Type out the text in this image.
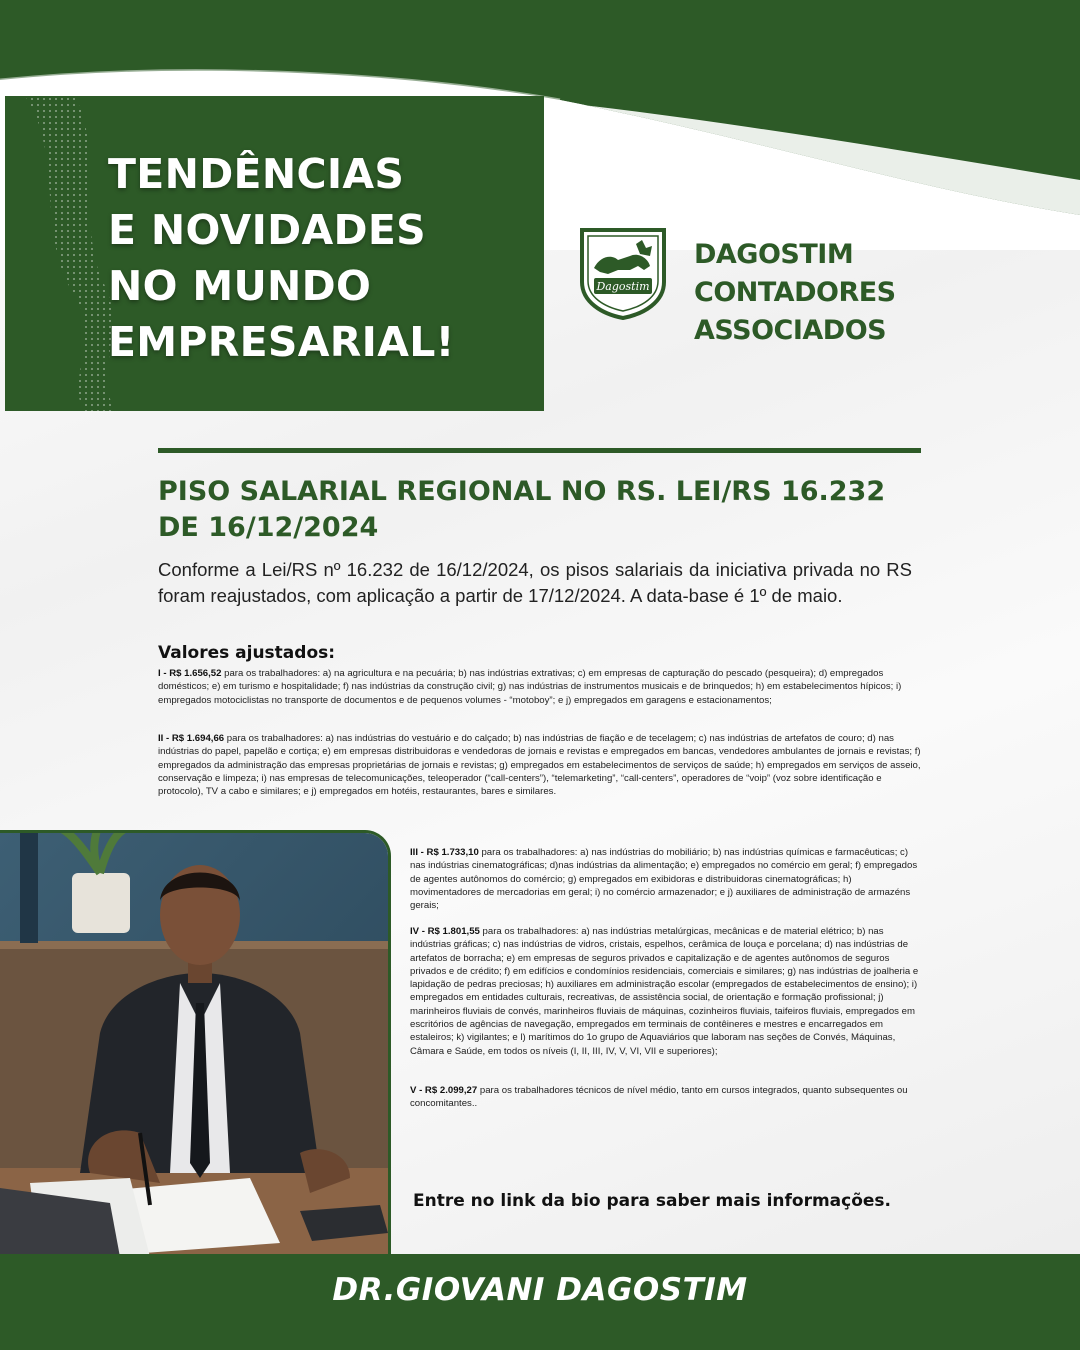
TENDÊNCIAS
E NOVIDADES
NO MUNDO
EMPRESARIAL!
Dagostim
DAGOSTIM CONTADORES
ASSOCIADOS
PISO SALARIAL REGIONAL NO RS. LEI/RS 16.232 DE 16/12/2024

Conforme a Lei/RS nº 16.232 de 16/12/2024, os pisos salariais da iniciativa privada no RS foram reajustados, com aplicação a partir de 17/12/2024. A data-base é 1º de maio.

Valores ajustados:

I - R$ 1.656,52 para os trabalhadores: a) na agricultura e na pecuária; b) nas indústrias extrativas; c) em empresas de capturação do pescado (pesqueira); d) empregados domésticos; e) em turismo e hospitalidade; f) nas indústrias da construção civil; g) nas indústrias de instrumentos musicais e de brinquedos; h) em estabelecimentos hípicos; i) empregados motociclistas no transporte de documentos e de pequenos volumes - “motoboy”; e j) empregados em garagens e estacionamentos;

II - R$ 1.694,66 para os trabalhadores: a) nas indústrias do vestuário e do calçado; b) nas indústrias de fiação e de tecelagem; c) nas indústrias de artefatos de couro; d) nas indústrias do papel, papelão e cortiça; e) em empresas distribuidoras e vendedoras de jornais e revistas e empregados em bancas, vendedores ambulantes de jornais e revistas; f) empregados da administração das empresas proprietárias de jornais e revistas; g) empregados em estabelecimentos de serviços de saúde; h) empregados em serviços de asseio, conservação e limpeza; i) nas empresas de telecomunicações, teleoperador (“call-centers”), “telemarketing”, “call-centers”, operadores de “voip” (voz sobre identificação e protocolo), TV a cabo e similares; e j) empregados em hotéis, restaurantes, bares e similares.

III - R$ 1.733,10 para os trabalhadores: a) nas indústrias do mobiliário; b) nas indústrias químicas e farmacêuticas; c) nas indústrias cinematográficas; d)nas indústrias da alimentação; e) empregados no comércio em geral; f) empregados de agentes autônomos do comércio; g) empregados em exibidoras e distribuidoras cinematográficas; h) movimentadores de mercadorias em geral; i) no comércio armazenador; e j) auxiliares de administração de armazéns gerais;

IV - R$ 1.801,55 para os trabalhadores: a) nas indústrias metalúrgicas, mecânicas e de material elétrico; b) nas indústrias gráficas; c) nas indústrias de vidros, cristais, espelhos, cerâmica de louça e porcelana; d) nas indústrias de artefatos de borracha; e) em empresas de seguros privados e capitalização e de agentes autônomos de seguros privados e de crédito; f) em edifícios e condomínios residenciais, comerciais e similares; g) nas indústrias de joalheria e lapidação de pedras preciosas; h) auxiliares em administração escolar (empregados de estabelecimentos de ensino); i) empregados em entidades culturais, recreativas, de assistência social, de orientação e formação profissional; j) marinheiros fluviais de convés, marinheiros fluviais de máquinas, cozinheiros fluviais, taifeiros fluviais, empregados em escritórios de agências de navegação, empregados em terminais de contêineres e mestres e encarregados em estaleiros; k) vigilantes; e l) marítimos do 1o grupo de Aquaviários que laboram nas seções de Convés, Máquinas, Câmara e Saúde, em todos os níveis (I, II, III, IV, V, VI, VII e superiores);

V - R$ 2.099,27 para os trabalhadores técnicos de nível médio, tanto em cursos integrados, quanto subsequentes ou concomitantes..

Entre no link da bio para saber mais informações.

DR.GIOVANI DAGOSTIM
